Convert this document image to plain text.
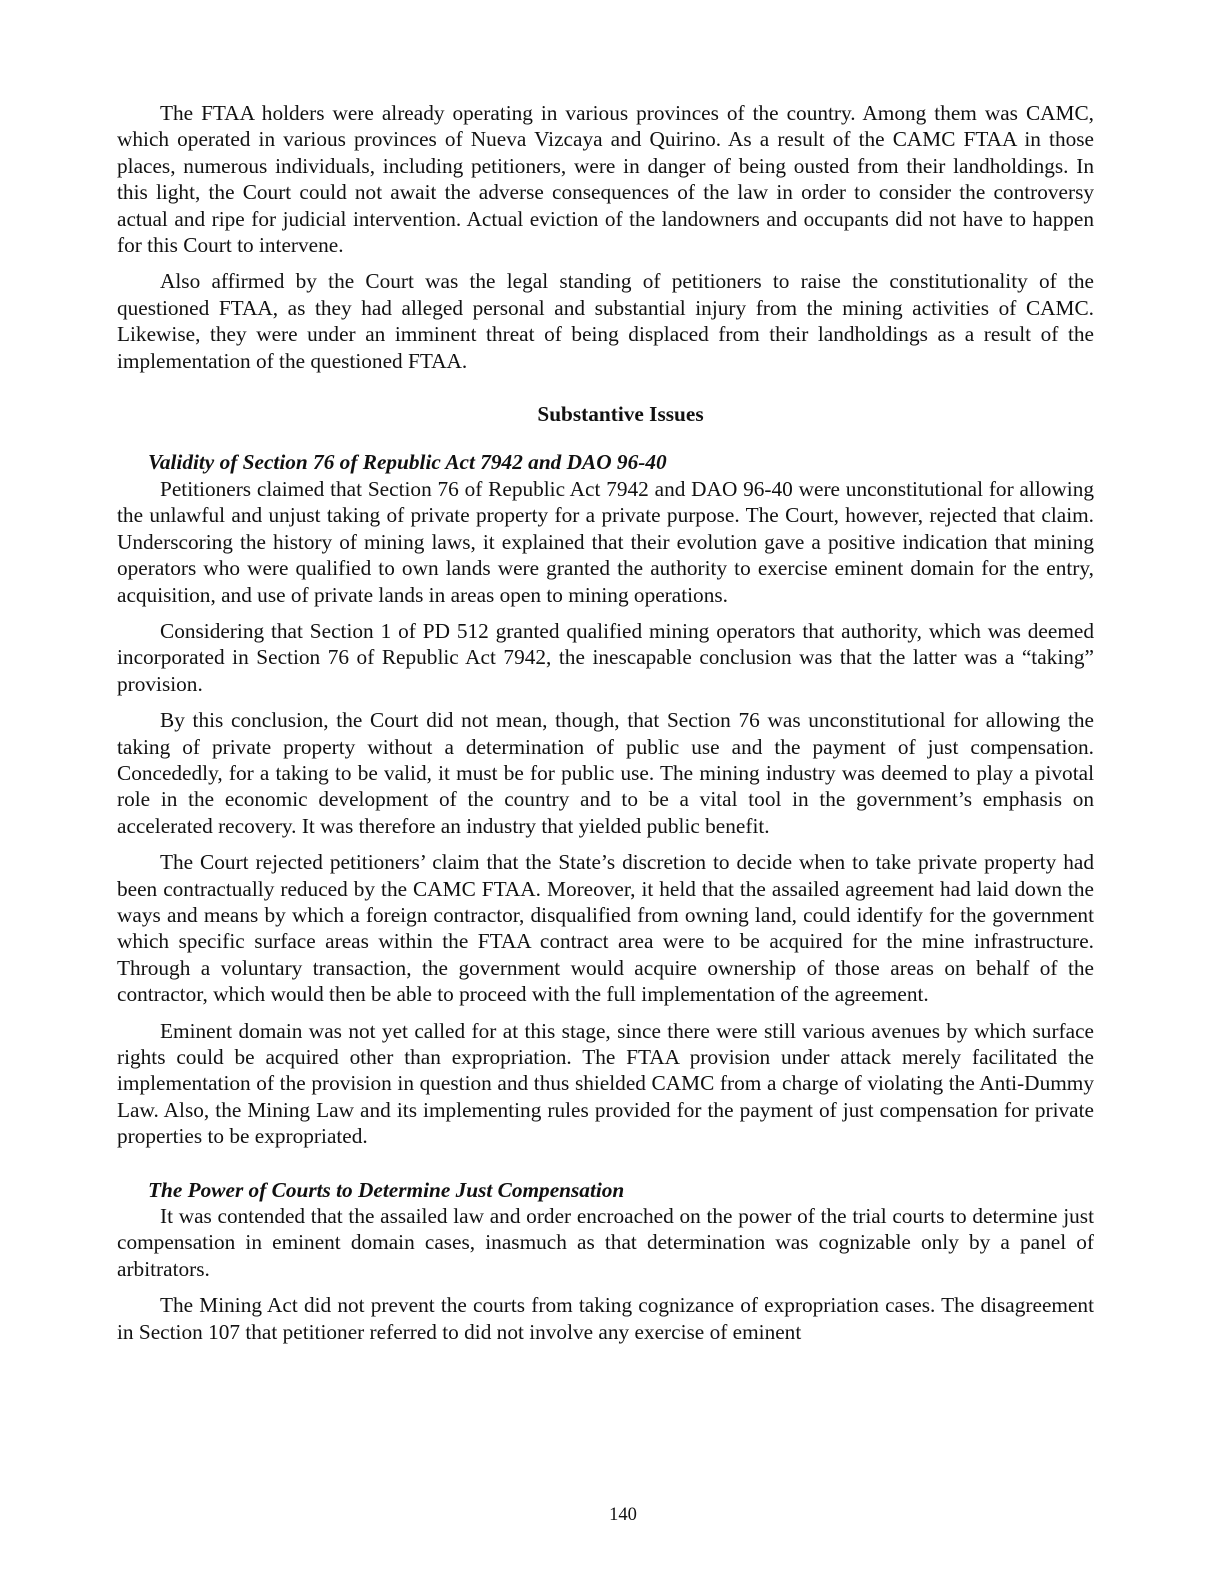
The FTAA holders were already operating in various provinces of the country. Among them was CAMC, which operated in various provinces of Nueva Vizcaya and Quirino. As a result of the CAMC FTAA in those places, numerous individuals, including petitioners, were in danger of being ousted from their landholdings. In this light, the Court could not await the adverse consequences of the law in order to consider the controversy actual and ripe for judicial intervention. Actual eviction of the landowners and occupants did not have to happen for this Court to intervene.

Also affirmed by the Court was the legal standing of petitioners to raise the constitutionality of the questioned FTAA, as they had alleged personal and substantial injury from the mining activities of CAMC. Likewise, they were under an imminent threat of being displaced from their landholdings as a result of the implementation of the questioned FTAA.

Substantive Issues

Validity of Section 76 of Republic Act 7942 and DAO 96-40

Petitioners claimed that Section 76 of Republic Act 7942 and DAO 96-40 were unconstitutional for allowing the unlawful and unjust taking of private property for a private purpose. The Court, however, rejected that claim. Underscoring the history of mining laws, it explained that their evolution gave a positive indication that mining operators who were qualified to own lands were granted the authority to exercise eminent domain for the entry, acquisition, and use of private lands in areas open to mining operations.

Considering that Section 1 of PD 512 granted qualified mining operators that authority, which was deemed incorporated in Section 76 of Republic Act 7942, the inescapable conclusion was that the latter was a “taking” provision.

By this conclusion, the Court did not mean, though, that Section 76 was unconstitutional for allowing the taking of private property without a determination of public use and the payment of just compensation. Concededly, for a taking to be valid, it must be for public use. The mining industry was deemed to play a pivotal role in the economic development of the country and to be a vital tool in the government’s emphasis on accelerated recovery. It was therefore an industry that yielded public benefit.

The Court rejected petitioners’ claim that the State’s discretion to decide when to take private property had been contractually reduced by the CAMC FTAA. Moreover, it held that the assailed agreement had laid down the ways and means by which a foreign contractor, disqualified from owning land, could identify for the government which specific surface areas within the FTAA contract area were to be acquired for the mine infrastructure. Through a voluntary transaction, the government would acquire ownership of those areas on behalf of the contractor, which would then be able to proceed with the full implementation of the agreement.

Eminent domain was not yet called for at this stage, since there were still various avenues by which surface rights could be acquired other than expropriation. The FTAA provision under attack merely facilitated the implementation of the provision in question and thus shielded CAMC from a charge of violating the Anti-Dummy Law. Also, the Mining Law and its implementing rules provided for the payment of just compensation for private properties to be expropriated.

The Power of Courts to Determine Just Compensation

It was contended that the assailed law and order encroached on the power of the trial courts to determine just compensation in eminent domain cases, inasmuch as that determination was cognizable only by a panel of arbitrators.

The Mining Act did not prevent the courts from taking cognizance of expropriation cases. The disagreement in Section 107 that petitioner referred to did not involve any exercise of eminent

140
